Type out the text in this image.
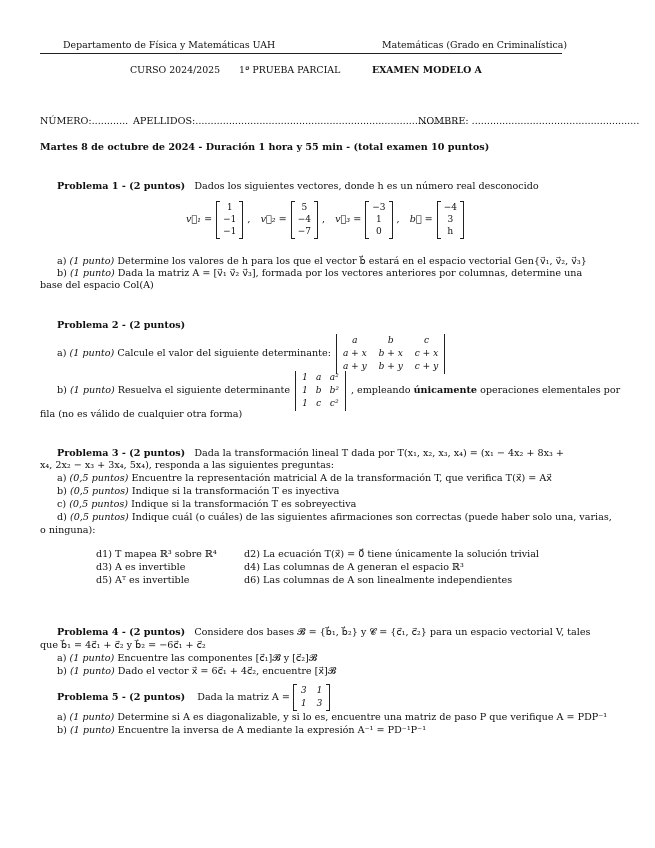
Departamento de Física y Matemáticas UAH	Matemáticas (Grado en Criminalística)
CURSO 2024/2025 1ª PRUEBA PARCIAL	EXAMEN MODELO A
NÚMERO:............ APELLIDOS:......................................................................................
NOMBRE: .......................................................
Martes 8 de octubre de 2024 - Duración 1 hora y 55 min - (total examen 10 puntos)
Problema 1 - (2 puntos) Dados los siguientes vectores, donde h es un número real desconocido
v⃗₁ =
1
−1
−1
, v⃗₂ =
5
−4
−7
, v⃗₃ =
−3
1
0
, b⃗ =
−4
3
h
a) (1 punto) Determine los valores de h para los que el vector b⃗ estará en el espacio vectorial Gen{v⃗₁, v⃗₂, v⃗₃}
b) (1 punto) Dada la matriz A = [v⃗₁ v⃗₂ v⃗₃], formada por los vectores anteriores por columnas, determine una
base del espacio Col(A)
Problema 2 - (2 puntos)
a) (1 punto) Calcule el valor del siguiente determinante:
a	b	c
a + x b + x c + x
a + y b + y c + y
b) (1 punto) Resuelva el siguiente determinante
1 a a²
1 b b²
1 c c²
, empleando únicamente operaciones elementales por
fila (no es válido de cualquier otra forma)
Problema 3 - (2 puntos) Dada la transformación lineal T dada por T(x₁, x₂, x₃, x₄) = (x₁ − 4x₂ + 8x₃ +
x₄, 2x₂ − x₃ + 3x₄, 5x₄), responda a las siguientes preguntas:
a) (0,5 puntos) Encuentre la representación matricial A de la transformación T, que verifica T(x⃗) = Ax⃗
b) (0,5 puntos) Indique si la transformación T es inyectiva
c) (0,5 puntos) Indique si la transformación T es sobreyectiva
d) (0,5 puntos) Indique cuál (o cuáles) de las siguientes afirmaciones son correctas (puede haber solo una, varias,
o ninguna):
d1) T mapea ℝ³ sobre ℝ⁴	d2) La ecuación T(x⃗) = 0⃗ tiene únicamente la solución trivial
d3) A es invertible	d4) Las columnas de A generan el espacio ℝ³
d5) Aᵀ es invertible	d6) Las columnas de A son linealmente independientes
Problema 4 - (2 puntos) Considere dos bases 𝓑 = {b⃗₁, b⃗₂} y 𝓒 = {c⃗₁, c⃗₂} para un espacio vectorial V, tales
que b⃗₁ = 4c⃗₁ + c⃗₂ y b⃗₂ = −6c⃗₁ + c⃗₂
a) (1 punto) Encuentre las componentes [c⃗₁]𝓑 y [c⃗₂]𝓑
b) (1 punto) Dado el vector x⃗ = 6c⃗₁ + 4c⃗₂, encuentre [x⃗]𝓑
Problema 5 - (2 puntos)
Dada la matriz A =
3 1
1 3
a) (1 punto) Determine si A es diagonalizable, y si lo es, encuentre una matriz de paso P que verifique A = PDP⁻¹
b) (1 punto) Encuentre la inversa de A mediante la expresión A⁻¹ = PD⁻¹P⁻¹
